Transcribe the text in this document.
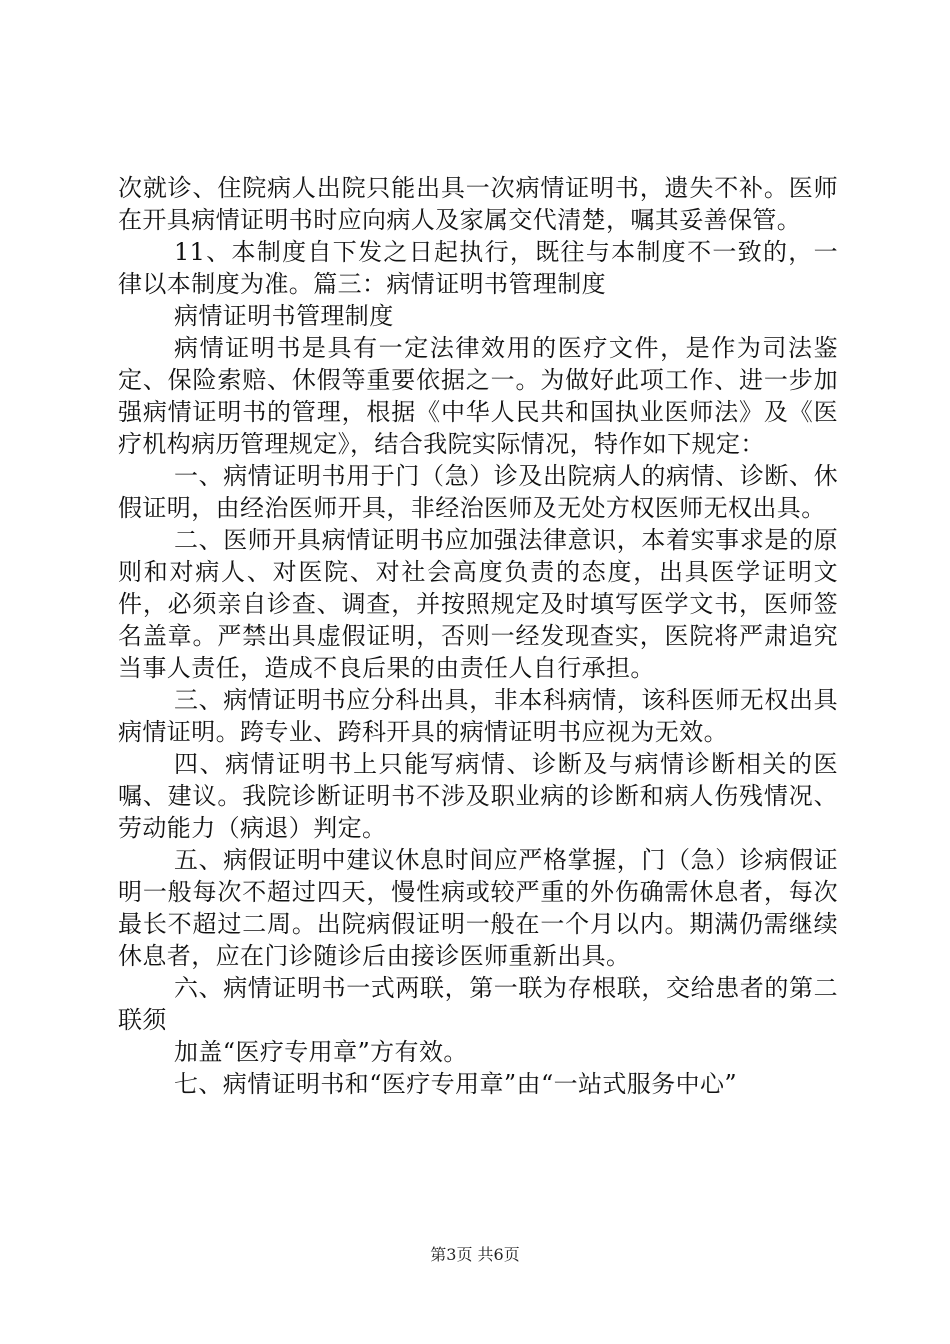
次就诊、住院病人出院只能出具一次病情证明书，遗失不补。医师在开具病情证明书时应向病人及家属交代清楚，嘱其妥善保管。

11、本制度自下发之日起执行，既往与本制度不一致的，一律以本制度为准。篇三：病情证明书管理制度

病情证明书管理制度

病情证明书是具有一定法律效用的医疗文件，是作为司法鉴定、保险索赔、休假等重要依据之一。为做好此项工作、进一步加强病情证明书的管理，根据《中华人民共和国执业医师法》及《医疗机构病历管理规定》，结合我院实际情况，特作如下规定：

一、病情证明书用于门（急）诊及出院病人的病情、诊断、休假证明，由经治医师开具，非经治医师及无处方权医师无权出具。

二、医师开具病情证明书应加强法律意识，本着实事求是的原则和对病人、对医院、对社会高度负责的态度，出具医学证明文件，必须亲自诊查、调查，并按照规定及时填写医学文书，医师签名盖章。严禁出具虚假证明，否则一经发现查实，医院将严肃追究当事人责任，造成不良后果的由责任人自行承担。

三、病情证明书应分科出具，非本科病情，该科医师无权出具病情证明。跨专业、跨科开具的病情证明书应视为无效。

四、病情证明书上只能写病情、诊断及与病情诊断相关的医嘱、建议。我院诊断证明书不涉及职业病的诊断和病人伤残情况、劳动能力（病退）判定。

五、病假证明中建议休息时间应严格掌握，门（急）诊病假证明一般每次不超过四天，慢性病或较严重的外伤确需休息者，每次最长不超过二周。出院病假证明一般在一个月以内。期满仍需继续休息者，应在门诊随诊后由接诊医师重新出具。

六、病情证明书一式两联，第一联为存根联，交给患者的第二联须

加盖“医疗专用章”方有效。

七、病情证明书和“医疗专用章”由“一站式服务中心”

第3页 共6页
